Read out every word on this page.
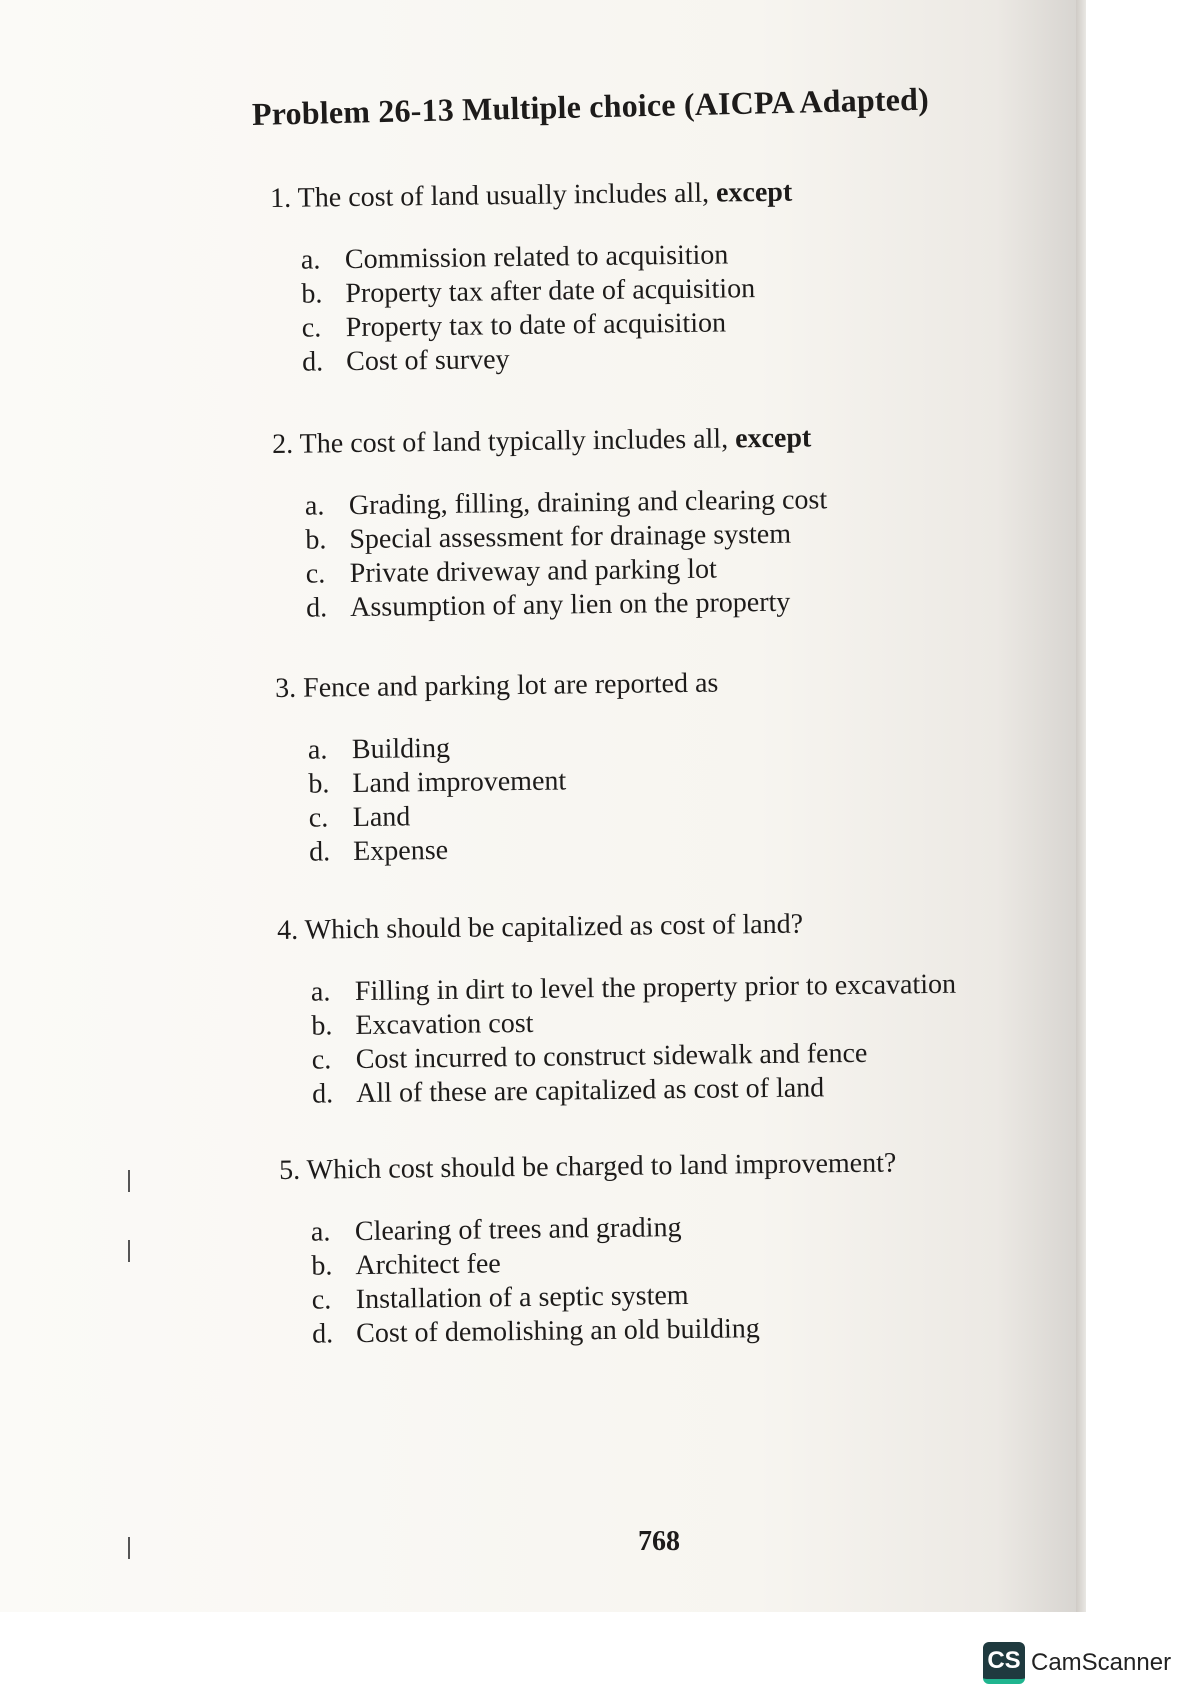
Problem 26-13 Multiple choice (AICPA Adapted)
1. The cost of land usually includes all, except
a. Commission related to acquisition
b. Property tax after date of acquisition
c. Property tax to date of acquisition
d. Cost of survey
2. The cost of land typically includes all, except
a. Grading, filling, draining and clearing cost
b. Special assessment for drainage system
c. Private driveway and parking lot
d. Assumption of any lien on the property
3. Fence and parking lot are reported as
a. Building
b. Land improvement
c. Land
d. Expense
4. Which should be capitalized as cost of land?
a. Filling in dirt to level the property prior to excavation
b. Excavation cost
c. Cost incurred to construct sidewalk and fence
d. All of these are capitalized as cost of land
5. Which cost should be charged to land improvement?
a. Clearing of trees and grading
b. Architect fee
c. Installation of a septic system
d. Cost of demolishing an old building
768
CS CamScanner
